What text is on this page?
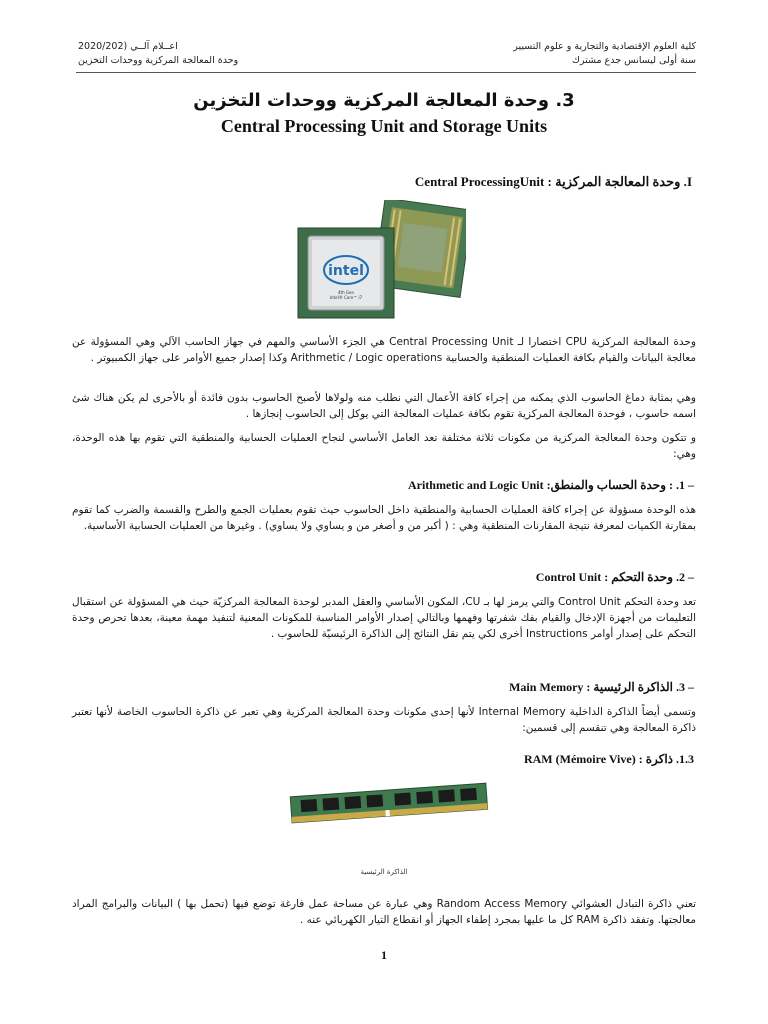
كلية العلوم الإقتصادية والتجارية و علوم التسيير
سنة أولى ليسانس جدع مشترك
اعــلام آلــي (2020/202
وحدة المعالجة المركزية ووحدات التخزين
3. وحدة المعالجة المركزية ووحدات التخزين
Central Processing Unit and Storage Units
I. وحدة المعالجة المركزية : Central ProcessingUnit
intel
4th Gen
Intel® Core™ i7
وحدة المعالجة المركزية CPU اختصارا لـ Central Processing Unit هي الجزء الأساسي والمهم في جهاز الحاسب الآلي وهي المسؤولة عن معالجة البيانات والقيام بكافة العمليات المنطقية والحسابية Arithmetic / Logic operations وكذا إصدار جميع الأوامر على جهاز الكمبيوتر .
وهي بمثابة دماغ الحاسوب الذي يمكنه من إجراء كافة الأعمال التي نطلب منه ولولاها لأصبح الحاسوب بدون فائدة أو بالأحرى لم يكن هناك شئ اسمه حاسوب ، فوحدة المعالجة المركزية تقوم بكافة عمليات المعالجة التي يوكل إلى الحاسوب إنجازها .
و تتكون وحدة المعالجة المركزية من مكونات ثلاثة مختلفة تعد العامل الأساسي لنجاح العمليات الحسابية والمنطقية التي تقوم بها هذه الوحدة، وهي:
– 1. : وحدة الحساب والمنطق: Arithmetic and Logic Unit
هذه الوحدة مسؤولة عن إجراء كافة العمليات الحسابية والمنطقية داخل الحاسوب حيث تقوم بعمليات الجمع والطرح والقسمة والضرب كما تقوم بمقارنة الكميات لمعرفة نتيجة المقارنات المنطقية وهي : ( أكبر من و أصغر من و يساوي ولا يساوي) . وغيرها من العمليات الحسابية الأساسية.
– 2. وحدة التحكم : Control Unit
تعد وحدة التحكم Control Unit والتي يرمز لها بـ CU، المكون الأساسي والعقل المدبر لوحدة المعالجة المركزيّة حيث هي المسؤولة عن استقبال التعليمات من أجهزة الإدخال والقيام بفك شفرتها وفهمها وبالتالي إصدار الأوامر المناسبة للمكونات المعنية لتنفيذ مهمة معينة، بعدها تحرص وحدة التحكم على إصدار أوامر Instructions أخرى لكي يتم نقل النتائج إلى الذاكرة الرئيسيّة للحاسوب .
– 3. الذاكرة الرئيسية : Main Memory
وتسمى أيضاً الذاكرة الداخلية Internal Memory لأنها إحدى مكونات وحدة المعالجة المركزية وهي تعبر عن ذاكرة الحاسوب الخاصة لأنها تعتبر ذاكرة المعالجة وهي تنقسم إلى قسمين:
1.3. ذاكرة : RAM (Mémoire Vive)
الذاكرة الرئيسية
تعني ذاكرة التبادل العشوائي Random Access Memory وهي عبارة عن مساحة عمل فارغة توضع فيها (تحمل بها ) البيانات والبرامج المراد معالجتها. وتفقد ذاكرة RAM كل ما عليها بمجرد إطفاء الجهاز أو انقطاع التيار الكهربائي عنه .
1
